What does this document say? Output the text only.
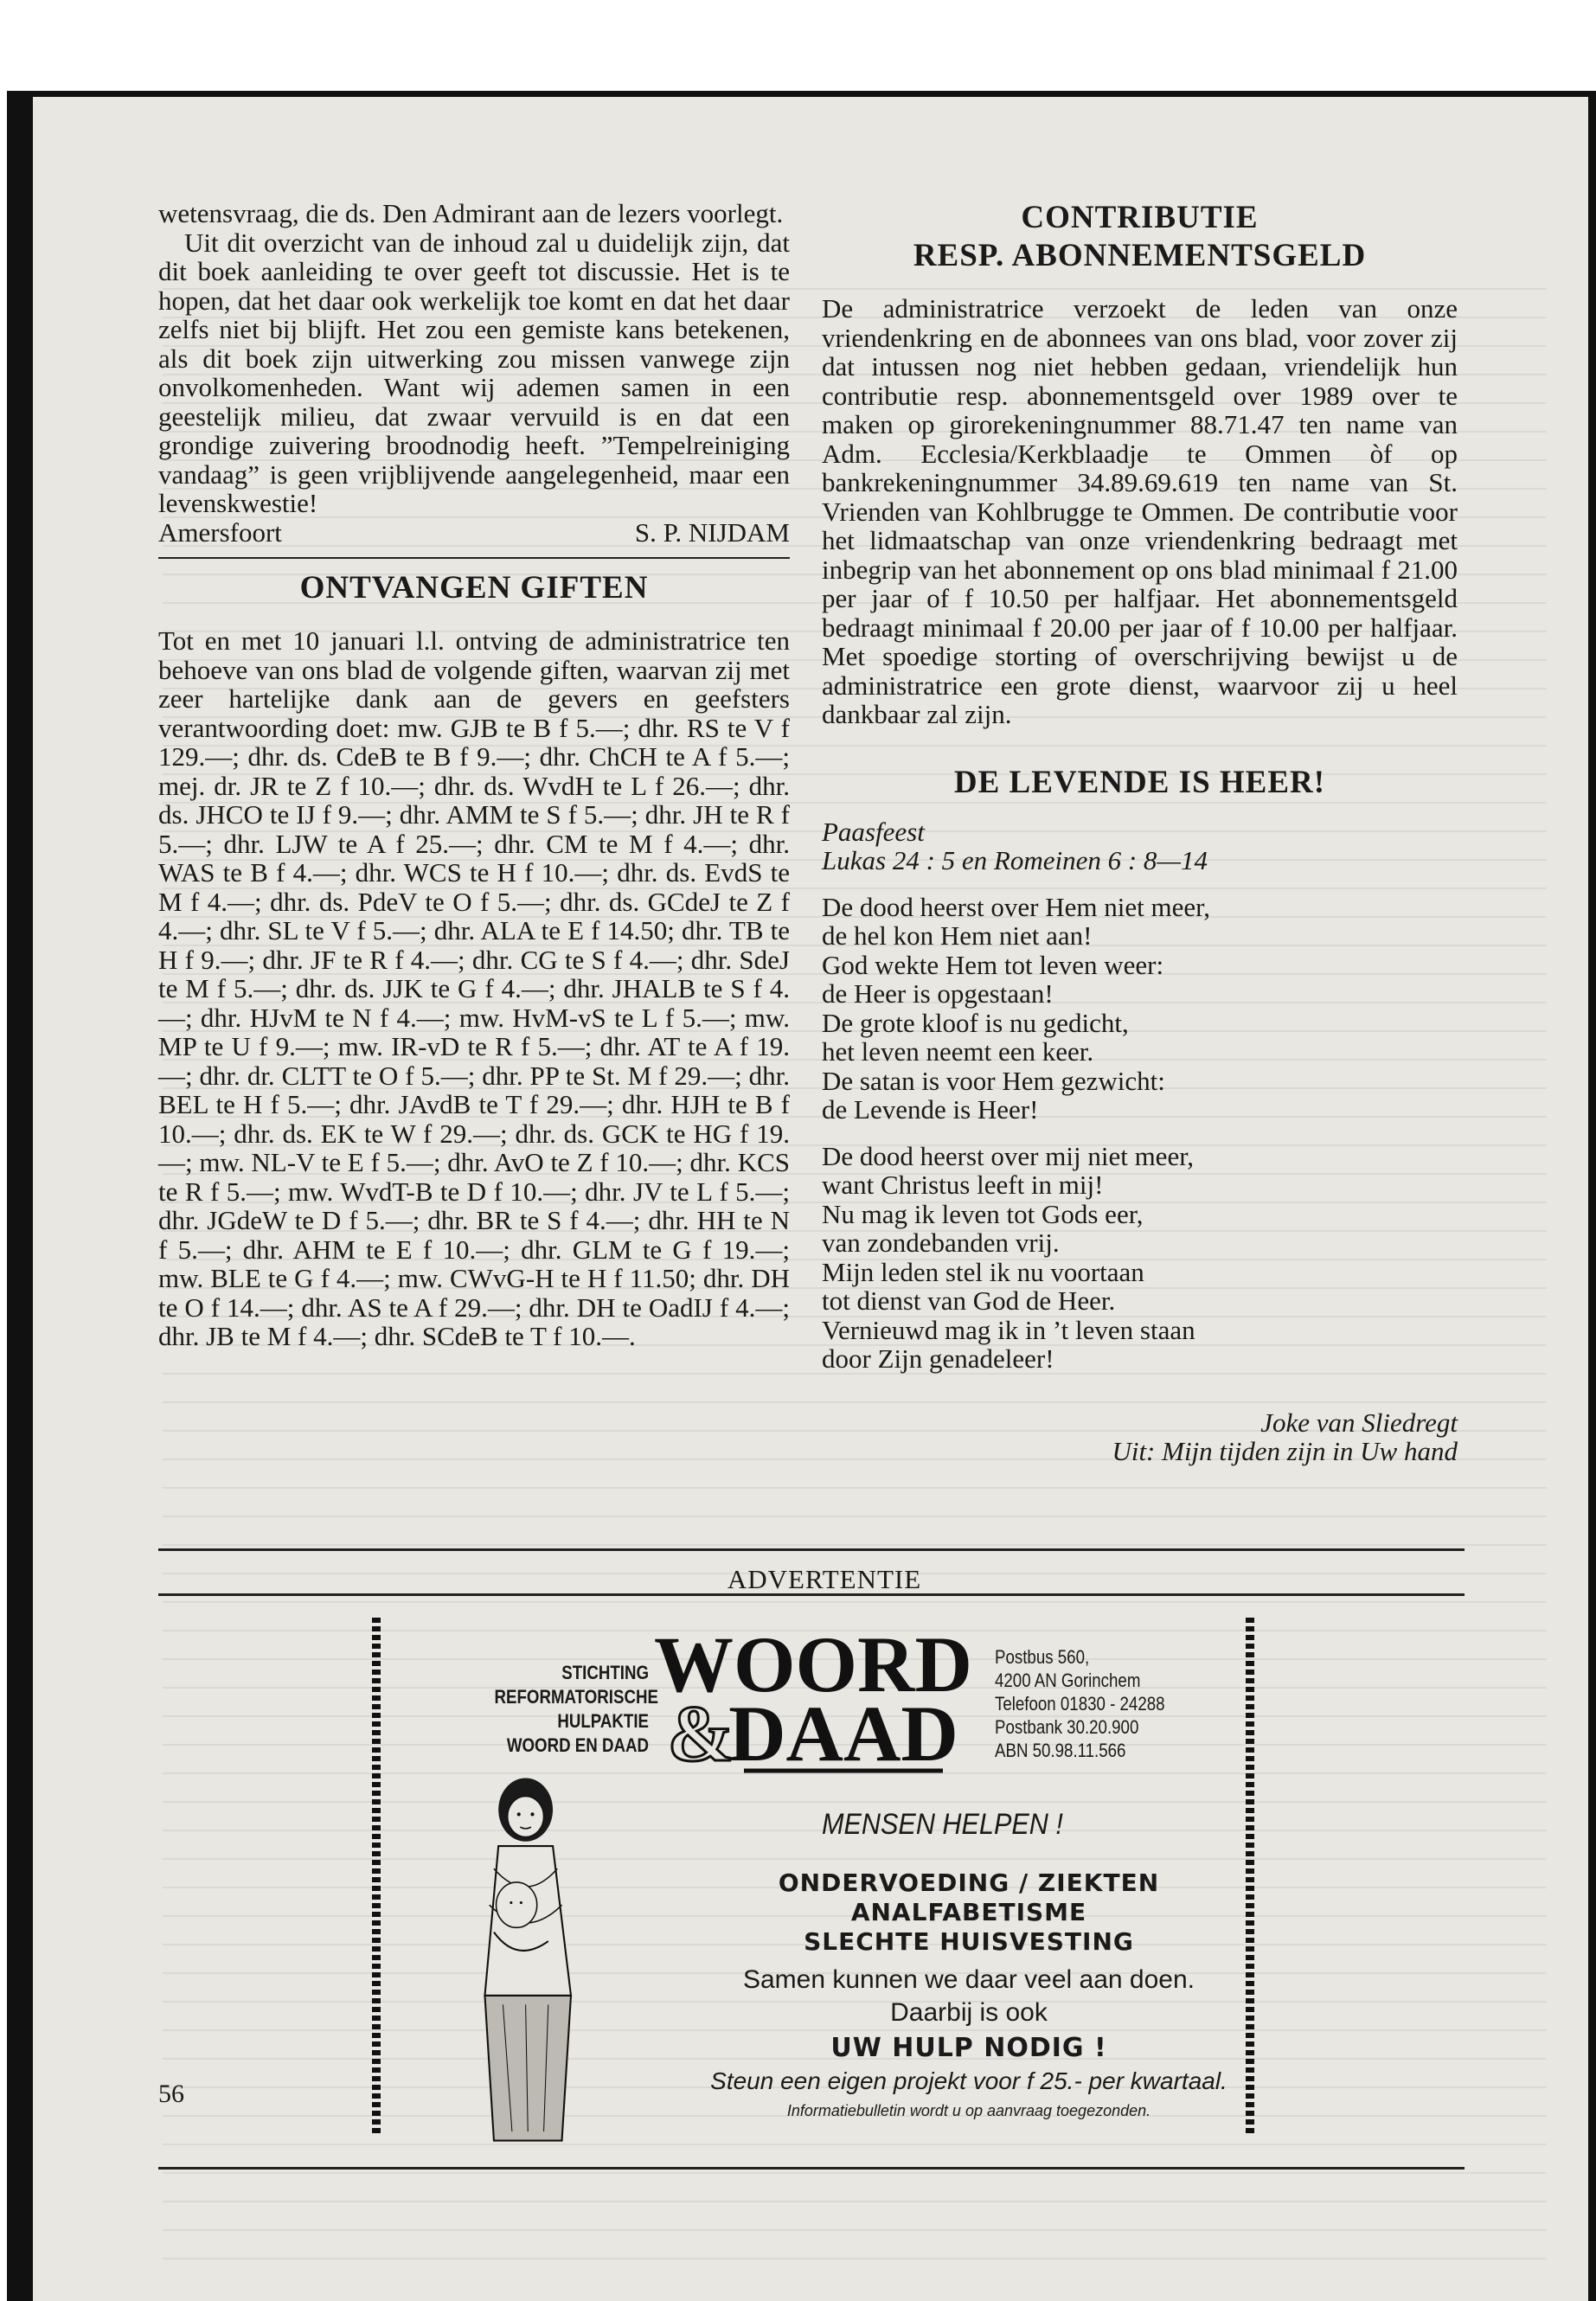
wetensvraag, die ds. Den Admirant aan de lezers voorlegt.

Uit dit overzicht van de inhoud zal u duidelijk zijn, dat dit boek aanleiding te over geeft tot discussie. Het is te hopen, dat het daar ook werkelijk toe komt en dat het daar zelfs niet bij blijft. Het zou een gemiste kans betekenen, als dit boek zijn uitwerking zou missen vanwege zijn onvolkomenheden. Want wij ademen samen in een geestelijk milieu, dat zwaar vervuild is en dat een grondige zuivering broodnodig heeft. ”Tempelreiniging vandaag” is geen vrijblijvende aangelegenheid, maar een levenskwestie!

Amersfoort	S. P. NIJDAM
ONTVANGEN GIFTEN

Tot en met 10 januari l.l. ontving de administratrice ten behoeve van ons blad de volgende giften, waarvan zij met zeer hartelijke dank aan de gevers en geefsters verantwoording doet: mw. GJB te B f 5.—; dhr. RS te V f 129.—; dhr. ds. CdeB te B f 9.—; dhr. ChCH te A f 5.—; mej. dr. JR te Z f 10.—; dhr. ds. WvdH te L f 26.—; dhr. ds. JHCO te IJ f 9.—; dhr. AMM te S f 5.—; dhr. JH te R f 5.—; dhr. LJW te A f 25.—; dhr. CM te M f 4.—; dhr. WAS te B f 4.—; dhr. WCS te H f 10.—; dhr. ds. EvdS te M f 4.—; dhr. ds. PdeV te O f 5.—; dhr. ds. GCdeJ te Z f 4.—; dhr. SL te V f 5.—; dhr. ALA te E f 14.50; dhr. TB te H f 9.—; dhr. JF te R f 4.—; dhr. CG te S f 4.—; dhr. SdeJ te M f 5.—; dhr. ds. JJK te G f 4.—; dhr. JHALB te S f 4.—; dhr. HJvM te N f 4.—; mw. HvM-vS te L f 5.—; mw. MP te U f 9.—; mw. IR-vD te R f 5.—; dhr. AT te A f 19.—; dhr. dr. CLTT te O f 5.—; dhr. PP te St. M f 29.—; dhr. BEL te H f 5.—; dhr. JAvdB te T f 29.—; dhr. HJH te B f 10.—; dhr. ds. EK te W f 29.—; dhr. ds. GCK te HG f 19.—; mw. NL-V te E f 5.—; dhr. AvO te Z f 10.—; dhr. KCS te R f 5.—; mw. WvdT-B te D f 10.—; dhr. JV te L f 5.—; dhr. JGdeW te D f 5.—; dhr. BR te S f 4.—; dhr. HH te N f 5.—; dhr. AHM te E f 10.—; dhr. GLM te G f 19.—; mw. BLE te G f 4.—; mw. CWvG-H te H f 11.50; dhr. DH te O f 14.—; dhr. AS te A f 29.—; dhr. DH te OadIJ f 4.—; dhr. JB te M f 4.—; dhr. SCdeB te T f 10.—.

CONTRIBUTIE
RESP. ABONNEMENTSGELD

De administratrice verzoekt de leden van onze vriendenkring en de abonnees van ons blad, voor zover zij dat intussen nog niet hebben gedaan, vriendelijk hun contributie resp. abonnementsgeld over 1989 over te maken op girorekeningnummer 88.71.47 ten name van Adm. Ecclesia/Kerkblaadje te Ommen òf op bankrekeningnummer 34.89.69.619 ten name van St. Vrienden van Kohlbrugge te Ommen. De contributie voor het lidmaatschap van onze vriendenkring bedraagt met inbegrip van het abonnement op ons blad minimaal f 21.00 per jaar of f 10.50 per halfjaar. Het abonnementsgeld bedraagt minimaal f 20.00 per jaar of f 10.00 per halfjaar. Met spoedige storting of overschrijving bewijst u de administratrice een grote dienst, waarvoor zij u heel dankbaar zal zijn.

DE LEVENDE IS HEER!

Paasfeest

Lukas 24 : 5 en Romeinen 6 : 8—14

De dood heerst over Hem niet meer,

de hel kon Hem niet aan!

God wekte Hem tot leven weer:

de Heer is opgestaan!

De grote kloof is nu gedicht,

het leven neemt een keer.

De satan is voor Hem gezwicht:

de Levende is Heer!

De dood heerst over mij niet meer,

want Christus leeft in mij!

Nu mag ik leven tot Gods eer,

van zondebanden vrij.

Mijn leden stel ik nu voortaan

tot dienst van God de Heer.

Vernieuwd mag ik in ’t leven staan

door Zijn genadeleer!

Joke van Sliedregt

Uit: Mijn tijden zijn in Uw hand

ADVERTENTIE
STICHTING
REFORMATORISCHE
HULPAKTIE
WOORD EN DAAD
WOORD
&
DAAD
Postbus 560,
4200 AN Gorinchem
Telefoon 01830 - 24288
Postbank 30.20.900
ABN 50.98.11.566
MENSEN HELPEN !
ONDERVOEDING / ZIEKTEN
ANALFABETISME
SLECHTE HUISVESTING
Samen kunnen we daar veel aan doen.
Daarbij is ook
UW HULP NODIG !
Steun een eigen projekt voor f 25.- per kwartaal.
Informatiebulletin wordt u op aanvraag toegezonden.
56
